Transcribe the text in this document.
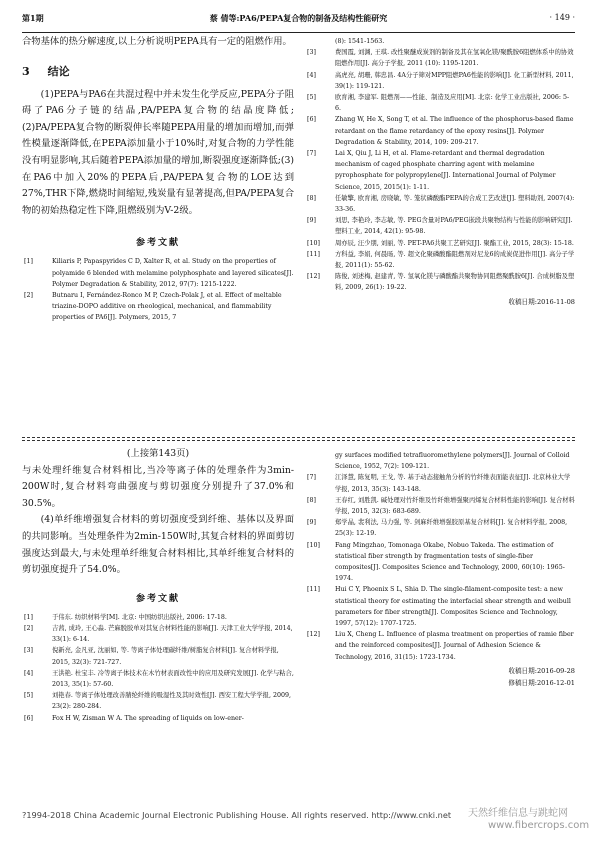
第1期	蔡 倩等:PA6/PEPA复合物的制备及结构性能研究	· 149 ·

合物基体的热分解速度,以上分析说明PEPA具有一定的阻燃作用。

3 结论

(1)PEPA与PA6在共混过程中并未发生化学反应,PEPA分子阻碍了PA6分子链的结晶,PA/PEPA复合物的结晶度降低;(2)PA/PEPA复合物的断裂伸长率随PEPA用量的增加而增加,而弹性模量逐渐降低,在PEPA添加量小于10%时,对复合物的力学性能没有明显影响,其后随着PEPA添加量的增加,断裂强度逐渐降低;(3)在PA6中加入20%的PEPA后,PA/PEPA复合物的LOE达到27%,THR下降,燃烧时间缩短,残炭量有显著提高,但PA/PEPA复合物的初始热稳定性下降,阻燃级别为V-2级。

参考文献
[1]	Kiliaris P, Papaspyrides C D, Xalter R, et al. Study on the properties of polyamide 6 blended with melamine polyphosphate and layered silicates[J]. Polymer Degradation & Stability, 2012, 97(7): 1215-1222.
[2]	Butnaru I, Fernández-Ronco M P, Czech-Polak J, et al. Effect of meltable triazine-DOPO additive on rheological, mechanical, and flammability properties of PA6[J]. Polymers, 2015, 7
(8): 1541-1563.
[3]	费国霞, 刘渊, 王琪. 改性聚醚成炭剂的制备及其在氢氧化镁/聚酰胺6阻燃体系中的协效阻燃作用[J]. 高分子学报, 2011 (10): 1195-1201.
[4]	高虎亮, 胡珊, 韩忠昌. 4A分子筛对MPP阻燃PA6性能的影响[J]. 化工新型材料, 2011, 39(1): 119-121.
[5]	欧育湘, 李建军. 阻燃剂——性能、制造及应用[M]. 北京: 化学工业出版社, 2006: 5-6.
[6]	Zhang W, He X, Song T, et al. The influence of the phosphorus-based flame retardant on the flame retardancy of the epoxy resins[J]. Polymer Degradation & Stability, 2014, 109: 209-217.
[7]	Lai X, Qiu J, Li H, et al. Flame-retardant and thermal degradation mechanism of caged phosphate charring agent with melamine pyrophosphate for polypropylene[J]. International Journal of Polymer Science, 2015, 2015(1): 1-11.
[8]	任敏擎, 欧育湘, 房晓敏, 等. 笼状磷酸酯PEPA的合成工艺改进[J]. 塑料助剂, 2007(4): 33-36.
[9]	刘思, 李艳玲, 李志敏, 等. PEG含量对PA6/PEG嵌段共聚物结构与性能的影响研究[J]. 塑料工业, 2014, 42(1): 95-98.
[10] 周亦辰, 汪少朋, 刘丽, 等. PET-PA6共聚工艺研究[J]. 聚酯工业, 2015, 28(3): 15-18.
[11] 方科益, 李娟, 何晨旸, 等. 超文化聚磷酸酯阻燃剂对尼龙6的成炭促进作用[J]. 高分子学报, 2011(1): 55-62.
[12] 陈俊, 刘述梅, 赵建青, 等. 氢氧化镁与磷酸酯共聚物协同阻燃聚酰胺6[J]. 合成树脂及塑料, 2009, 26(1): 19-22.
收稿日期:2016-11-08
(上接第143页)

与未处理纤维复合材料相比,当冷等离子体的处理条件为3min-200W时,复合材料弯曲强度与剪切强度分别提升了37.0%和30.5%。

(4)单纤维增强复合材料的剪切强度受到纤维、基体以及界面的共同影响。当处理条件为2min-150W时,其复合材料的界面剪切强度达到最大,与未处理单纤维复合材料相比,其单纤维复合材料的剪切强度提升了54.0%。

参考文献
[1]	于伟东. 纺织材料学[M]. 北京: 中国纺织出版社, 2006: 17-18.
[2]	吉茜, 成玲, 王心淼. 芒麻脱胶单对其复合材料性能的影响[J]. 天津工业大学学报, 2014, 33(1): 6-14.
[3]	倪新亮, 金凡亚, 沈丽如, 等. 等离子体处理碳纤维/树脂复合材料[J]. 复合材料学报, 2015, 32(3): 721-727.
[4]	王洪艳. 杜宝丰. 冷等离子体技术在木竹材表面改性中的应用及研究发展[J]. 化学与粘合, 2013, 35(1): 57-60.
[5]	刘艳春. 等离子体处理改善腈纶纤维的吸湿性及其时效性[J]. 西安工程大学学报, 2009, 23(2): 280-284.
[6]	Fox H W, Zisman W A. The spreading of liquids on low-ener-
gy surfaces modified tetrafluoromethylene polymers[J]. Journal of Colloid Science, 1952, 7(2): 109-121.
[7]	江泽慧, 陈复明, 王戈, 等. 基于动态接触角分析的竹纤维表面能表征[J]. 北京林业大学学报, 2013, 35(3): 143-148.
[8]	王春红, 刘胜凯. 碱处理对竹纤维及竹纤维增强聚丙烯复合材料性能的影响[J]. 复合材料学报, 2015, 32(3): 683-689.
[9]	郑学晶, 裴利法, 马力强, 等. 剑麻纤维增强胶原基复合材料[J]. 复合材料学报, 2008, 25(3): 12-19.
[10] Fang Mingzhao, Tomonaga Okabe, Nobuo Takeda. The estimation of statistical fiber strength by fragmentation tests of single-fiber composites[J]. Composites Science and Technology, 2000, 60(10): 1965-1974.
[11] Hui C Y, Phoenix S L, Shia D. The single-filament-composite test: a new statistical theory for estimating the interfacial shear strength and weibull parameters for fiber strength[J]. Composites Science and Technology, 1997, 57(12): 1707-1725.
[12] Liu X, Cheng L. Influence of plasma treatment on properties of ramie fiber and the reinforced composites[J]. Journal of Adhesion Science & Technology, 2016, 31(15): 1723-1734.
收稿日期:2016-09-28
修稿日期:2016-12-01
?1994-2018 China Academic Journal Electronic Publishing House. All rights reserved. http://www.cnki.net	天然纤维信息与跳蛇网
www.fibercrops.com
